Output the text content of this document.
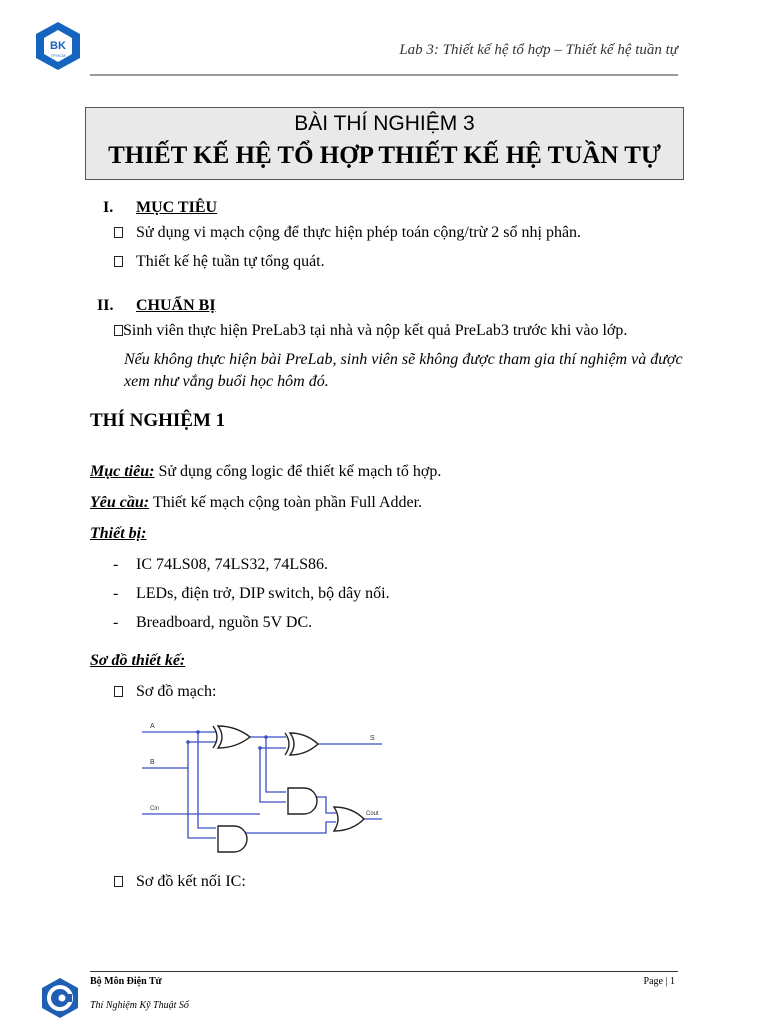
BK
TP.HCM	Lab 3: Thiết kế hệ tổ hợp – Thiết kế hệ tuần tự
BÀI THÍ NGHIỆM 3
THIẾT KẾ HỆ TỔ HỢP THIẾT KẾ HỆ TUẦN TỰ
I. MỤC TIÊU
Sử dụng vi mạch cộng để thực hiện phép toán cộng/trừ 2 số nhị phân.
Thiết kế hệ tuần tự tổng quát.
II. CHUẨN BỊ
Sinh viên thực hiện PreLab3 tại nhà và nộp kết quả PreLab3 trước khi vào lớp.
Nếu không thực hiện bài PreLab, sinh viên sẽ không được tham gia thí nghiệm và được
xem như vắng buổi học hôm đó.
THÍ NGHIỆM 1
Mục tiêu: Sử dụng cổng logic để thiết kế mạch tổ hợp.
Yêu cầu: Thiết kế mạch cộng toàn phần Full Adder.
Thiết bị:
- IC 74LS08, 74LS32, 74LS86.
- LEDs, điện trở, DIP switch, bộ dây nối.
- Breadboard, nguồn 5V DC.
Sơ đồ thiết kế:
Sơ đồ mạch:
A
B
Cin
S
Cout
Sơ đồ kết nối IC:
Bộ Môn Điện Tử
Thí Nghiệm Kỹ Thuật Số
Page | 1
